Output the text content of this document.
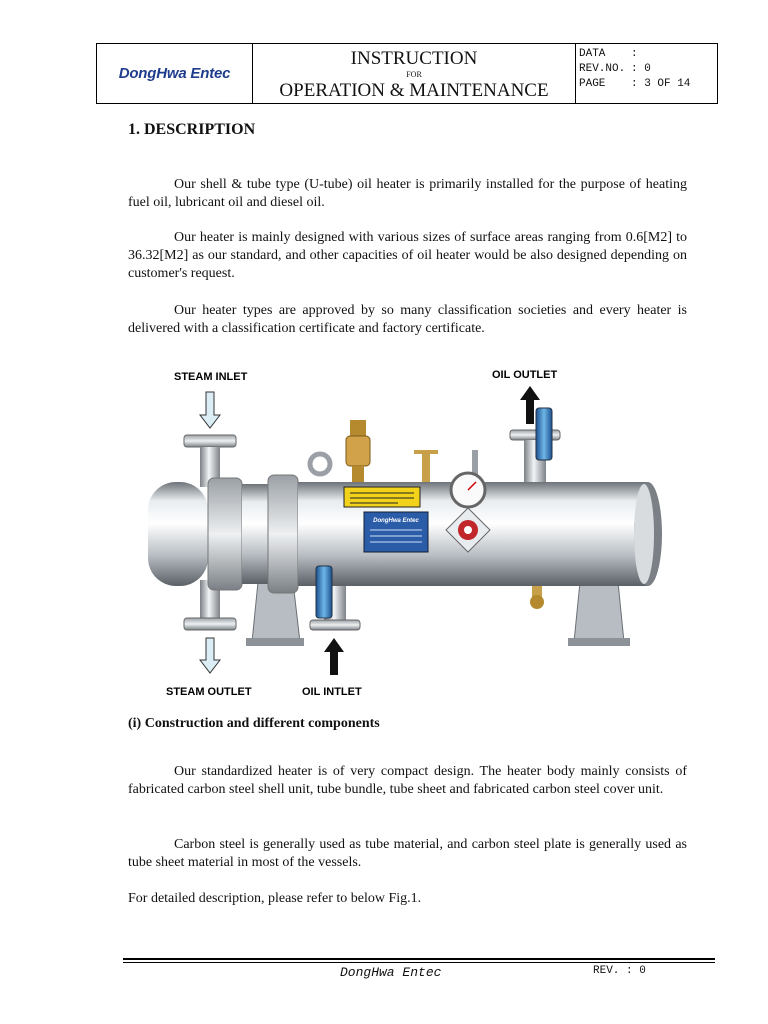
DongHwa Entec
INSTRUCTION
FOR
OPERATION & MAINTENANCE
DATA :
REV.NO. : 0
PAGE : 3 OF 14
1. DESCRIPTION

Our shell & tube type (U-tube) oil heater is primarily installed for the purpose of heating fuel oil, lubricant oil and diesel oil.

Our heater is mainly designed with various sizes of surface areas ranging from 0.6[M2] to 36.32[M2] as our standard, and other capacities of oil heater would be also designed depending on customer's request.

Our heater types are approved by so many classification societies and every heater is delivered with a classification certificate and factory certificate.

STEAM INLET	OIL OUTLET
STEAM OUTLET	OIL INTLET
DongHwa Entec
(i) Construction and different components

Our standardized heater is of very compact design. The heater body mainly consists of fabricated carbon steel shell unit, tube bundle, tube sheet and fabricated carbon steel cover unit.

Carbon steel is generally used as tube material, and carbon steel plate is generally used as tube sheet material in most of the vessels.

For detailed description, please refer to below Fig.1.

DongHwa Entec	REV. : 0
